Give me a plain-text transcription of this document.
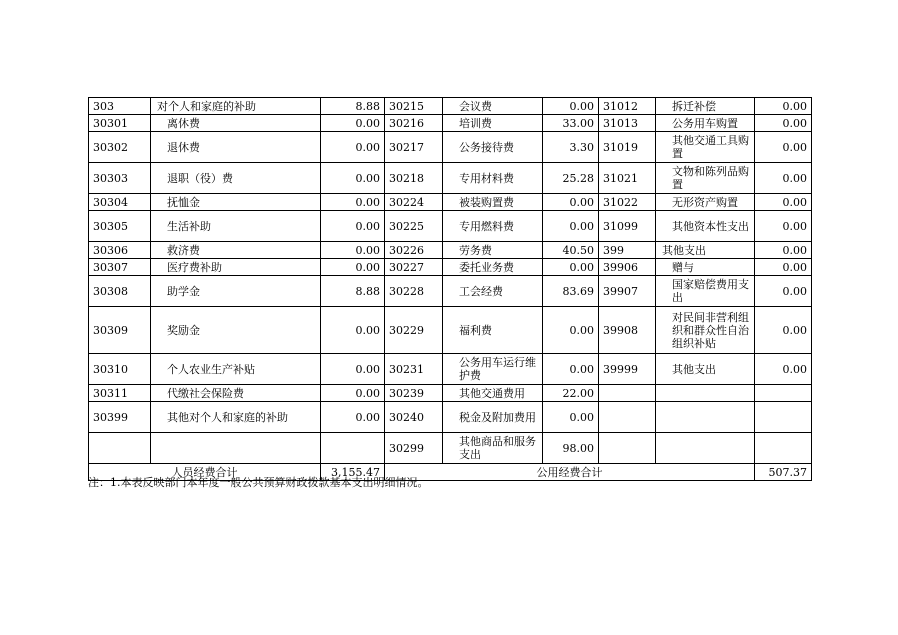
303	对个人和家庭的补助	8.88	30215	会议费	0.00	31012	拆迁补偿	0.00
30301	离休费	0.00	30216	培训费	33.00	31013	公务用车购置	0.00
30302	退休费	0.00	30217	公务接待费	3.30	31019	其他交通工具购置	0.00
30303	退职（役）费	0.00	30218	专用材料费	25.28	31021	文物和陈列品购置	0.00
30304	抚恤金	0.00	30224	被装购置费	0.00	31022	无形资产购置	0.00
30305	生活补助	0.00	30225	专用燃料费	0.00	31099	其他资本性支出	0.00
30306	救济费	0.00	30226	劳务费	40.50	399	其他支出	0.00
30307	医疗费补助	0.00	30227	委托业务费	0.00	39906	赠与	0.00
30308	助学金	8.88	30228	工会经费	83.69	39907	国家赔偿费用支出	0.00
30309	奖励金	0.00	30229	福利费	0.00	39908	对民间非营利组织和群众性自治组织补贴	0.00
30310	个人农业生产补贴	0.00	30231	公务用车运行维护费	0.00	39999	其他支出	0.00
30311	代缴社会保险费	0.00	30239	其他交通费用	22.00			
30399	其他对个人和家庭的补助	0.00	30240	税金及附加费用	0.00			
			30299	其他商品和服务支出	98.00			
人员经费合计		3,155.47	公用经费合计					507.37
注：1.本表反映部门本年度一般公共预算财政拨款基本支出明细情况。
